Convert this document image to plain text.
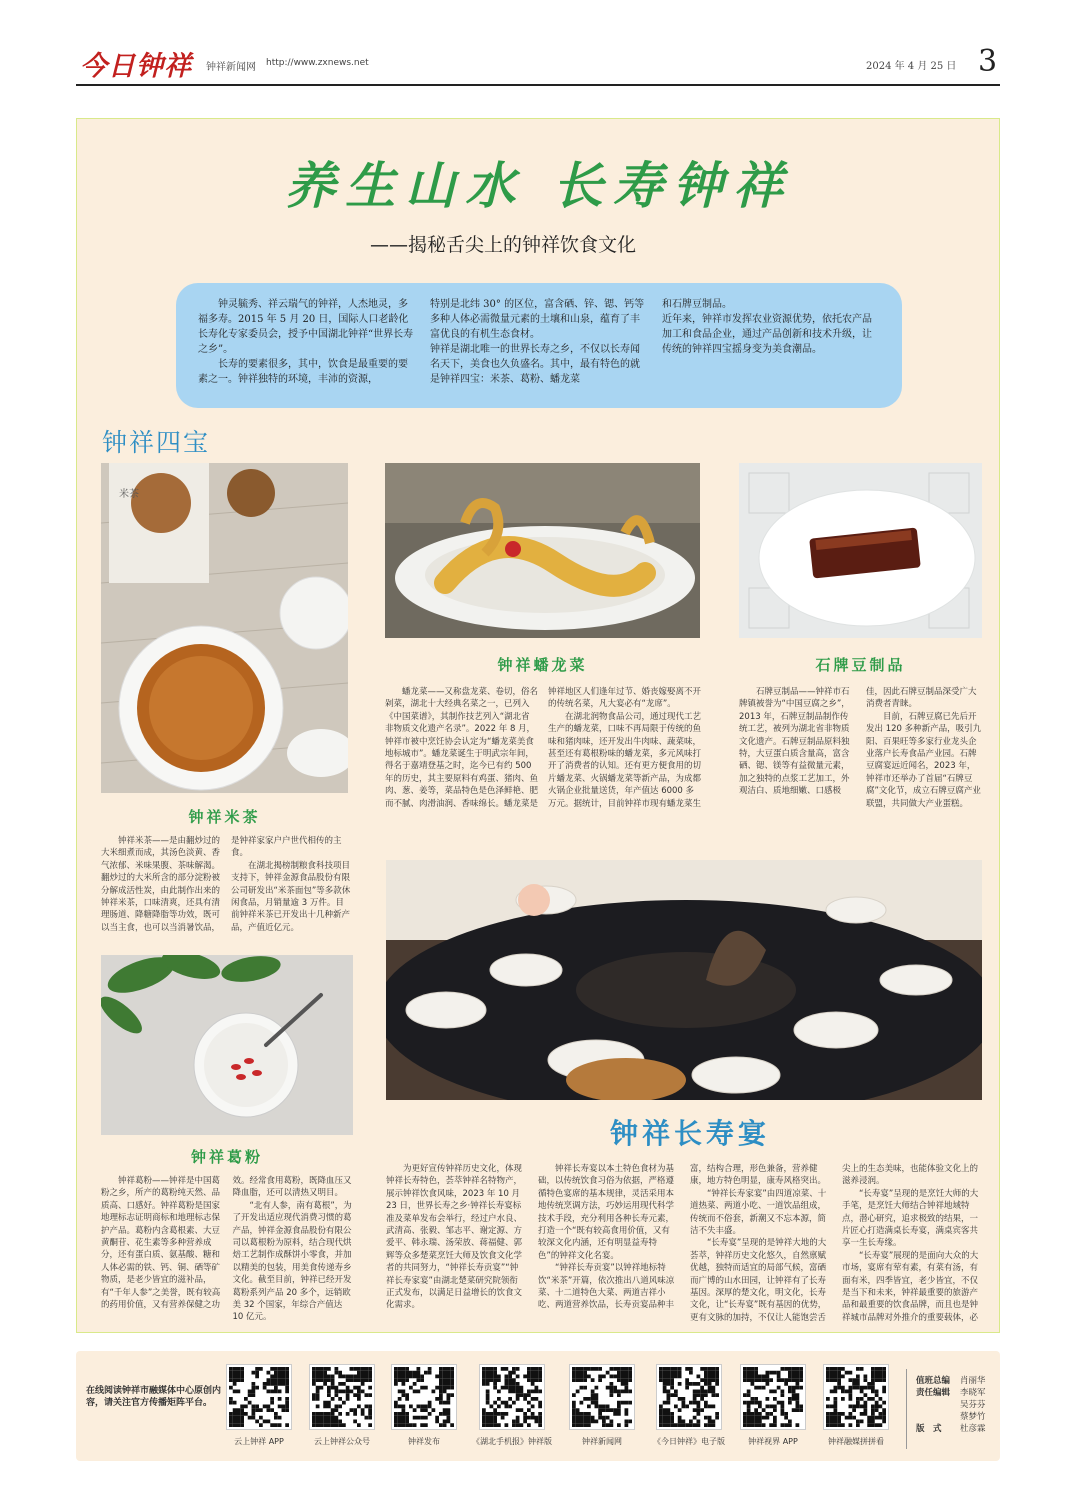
今日钟祥 钟祥新闻网 http://www.zxnews.net	2024 年 4 月 25 日 3
养生山水 长寿钟祥
——揭秘舌尖上的钟祥饮食文化

钟灵毓秀、祥云瑞气的钟祥，人杰地灵，多福多寿。2015 年 5 月 20 日，国际人口老龄化长寿化专家委员会，授予中国湖北钟祥“世界长寿之乡”。

长寿的要素很多，其中，饮食是最重要的要素之一。钟祥独特的环境，丰沛的资源，

特别是北纬 30° 的区位，富含硒、锌、锶、钙等多种人体必需微量元素的土壤和山泉，蕴育了丰富优良的有机生态食材。

钟祥是湖北唯一的世界长寿之乡，不仅以长寿闻名天下，美食也久负盛名。其中，最有特色的就是钟祥四宝：米茶、葛粉、蟠龙菜

和石牌豆制品。

近年来，钟祥市发挥农业资源优势，依托农产品加工和食品企业，通过产品创新和技术升级，让传统的钟祥四宝摇身变为美食潮品。

钟祥四宝
米茶
钟祥米茶

钟祥米茶——是由翻炒过的大米细煮而成，其汤色淡黄、香气浓郁、米味果腹、茶味解渴。翻炒过的大米所含的部分淀粉被分解成活性炭，由此制作出来的钟祥米茶，口味清爽，还具有清理肠道、降糖降脂等功效，既可以当主食，也可以当消暑饮品，是钟祥家家户户世代相传的主食。

在湖北揭榜制粮食科技项目支持下，钟祥金源食品股份有限公司研发出“米茶面包”等多款休闲食品，月销量逾 3 万件。目前钟祥米茶已开发出十几种新产品，产值近亿元。

钟祥蟠龙菜

蟠龙菜——又称盘龙菜、卷切，俗名剁菜，湖北十大经典名菜之一，已列入《中国菜谱》，其制作技艺列入“湖北省非物质文化遗产名录”。2022 年 8 月，钟祥市被中烹饪协会认定为“蟠龙菜美食地标城市”。蟠龙菜诞生于明武宗年间，得名于嘉靖登基之时，迄今已有约 500 年的历史，其主要原料有鸡蛋、猪肉、鱼肉、葱、姜等，菜品特色是色泽鲜艳、肥而不腻、肉滑油润、香味绵长。蟠龙菜是钟祥地区人们逢年过节、婚丧嫁娶离不开的传统名菜，凡大宴必有“龙席”。

在湖北润物食品公司，通过现代工艺生产的蟠龙菜，口味不再局限于传统的鱼味和猪肉味，还开发出牛肉味、蔬菜味，甚至还有葛根粉味的蟠龙菜，多元风味打开了消费者的认知。还有更方便食用的切片蟠龙菜、火锅蟠龙菜等新产品，为成都火锅企业批量送货，年产值达 6000 多万元。据统计，目前钟祥市现有蟠龙菜生

石牌豆制品

石牌豆制品——钟祥市石牌镇被誉为“中国豆腐之乡”，2013 年，石牌豆制品制作传统工艺，被列为湖北省非物质文化遗产。石牌豆制品原料独特，大豆蛋白质含量高，富含硒、锶、镁等有益微量元素，加之独特的点浆工艺加工，外观洁白、质地细嫩、口感极佳，因此石牌豆制品深受广大消费者青睐。

目前，石牌豆腐已先后开发出 120 多种新产品，吸引九阳、百果旺等多家行业龙头企业落户长寿食品产业园。石牌豆腐宴远近闻名，2023 年，钟祥市还举办了首届“石牌豆腐”文化节，成立石牌豆腐产业联盟，共同做大产业蛋糕。

钟祥长寿宴
钟祥葛粉

钟祥葛粉——钟祥是中国葛粉之乡，所产的葛粉纯天然、品质高、口感好。钟祥葛粉是国家地理标志证明商标和地理标志保护产品。葛粉内含葛根素、大豆黄酮苷、花生素等多种营养成分，还有蛋白质、氨基酸、糖和人体必需的铁、钙、铜、硒等矿物质，是老少皆宜的滋补品，有“千年人参”之美誉，既有较高的药用价值，又有营养保健之功效。经常食用葛粉，既降血压又降血脂，还可以清热又明目。

“北有人参，南有葛根”，为了开发出适应现代消费习惯的葛产品，钟祥金源食品股份有限公司以葛根粉为原料，结合现代烘焙工艺制作成酥饼小零食，并加以精美的包装，用美食传递寿乡文化。截至目前，钟祥已经开发葛粉系列产品 20 多个，远销欧美 32 个国家，年综合产值达 10 亿元。

为更好宣传钟祥历史文化，体现钟祥长寿特色，荟萃钟祥名特物产，展示钟祥饮食风味，2023 年 10 月 23 日，世界长寿之乡·钟祥长寿宴标准及菜单发布会举行，经过户水良、武清高、张毅、邹志平、谢定源、方爱平、韩永瑞、汤荣放、蒋福健、郭辉等众多楚菜烹饪大师及饮食文化学者的共同努力，“钟祥长寿贡宴”“钟祥长寿家宴”由湖北楚菜研究院领衔正式发布，以满足日益增长的饮食文化需求。

钟祥长寿宴以本土特色食材为基础，以传统饮食习俗为依据，严格遵循特色宴席的基本规律，灵活采用本地传统烹调方法，巧妙运用现代科学技术手段，充分利用各种长寿元素，打造一个“既有较高食用价值，又有较深文化内涵，还有明显益寿特色”的钟祥文化名宴。

“钟祥长寿贡宴”以钟祥地标特饮“米茶”开篇，依次推出八道风味凉菜、十二道特色大菜、两道吉祥小吃、两道营养饮品，长寿贡宴品种丰富，结构合理，形色兼备，营养健康，地方特色明显，康寿风格突出。

“钟祥长寿家宴”由四道凉菜、十道热菜、两道小吃、一道饮品组成，传统而不俗套，新潮又不忘本源，简洁不失丰盛。

“长寿宴”呈现的是钟祥大地的大荟萃，钟祥历史文化悠久，自然禀赋优越，独特而适宜的局部气候，富硒而广博的山水田园，让钟祥有了长寿基因。深厚的楚文化，明文化，长寿文化，让“长寿宴”既有基因的优势，更有文脉的加持，不仅让人能饱尝舌尖上的生态美味，也能体验文化上的滋养浸润。

“长寿宴”呈现的是烹饪大师的大手笔，是烹饪大师结合钟祥地域特点，潜心研究，追求极致的结果，一片匠心打造满桌长寿宴，满桌宾客共享一生长寿缘。

“长寿宴”展现的是面向大众的大市场，宴席有荤有素，有菜有汤，有面有米，四季皆宜，老少皆宜，不仅是当下和未来，钟祥最重要的旅游产品和最重要的饮食品牌，而且也是钟祥城市品牌对外推介的重要载体，必

在线阅读钟祥市融媒体中心原创内容，请关注官方传播矩阵平台。
云上钟祥 APP	云上钟祥公众号	钟祥发布	《湖北手机报》钟祥版	钟祥新闻网	《今日钟祥》电子版	钟祥视界 APP	钟祥融媒拼拼看
值班总编	肖丽华
责任编辑	李晓军
吴芬芬
蔡梦竹
版　式	杜彦霖
